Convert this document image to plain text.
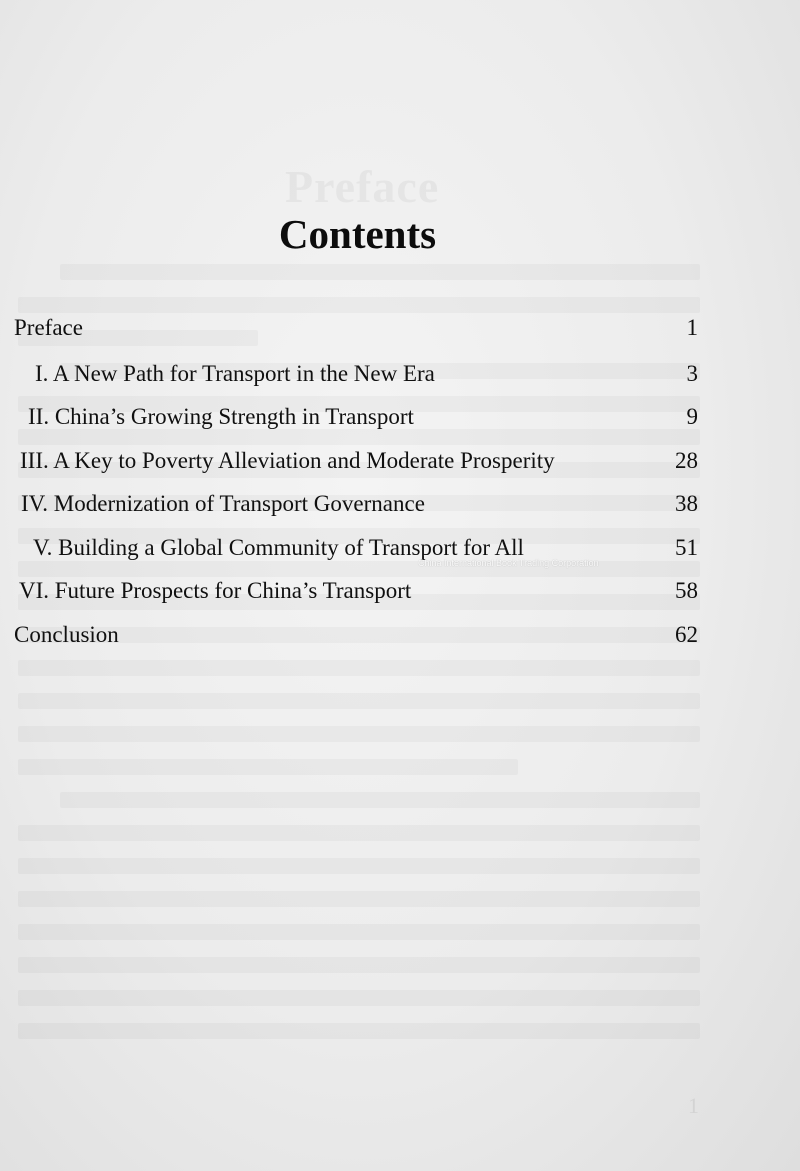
1
Contents
Preface	1
I. A New Path for Transport in the New Era	3
II. China’s Growing Strength in Transport	9
III. A Key to Poverty Alleviation and Moderate Prosperity	28
IV. Modernization of Transport Governance	38
V. Building a Global Community of Transport for All	51
VI. Future Prospects for China’s Transport	58
Conclusion	62
China International Book Trading Corporation
